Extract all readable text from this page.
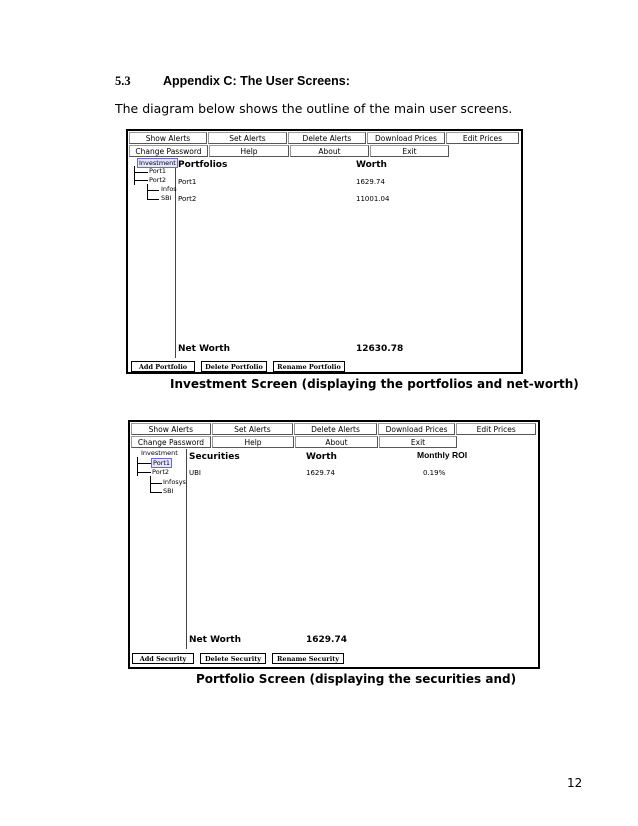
5.3	Appendix C: The User Screens:
The diagram below shows the outline of the main user screens.
Show Alerts	Set Alerts	Delete Alerts	Download Prices	Edit Prices
Change Password	Help	About	Exit
Investment
Port1
Port2
Infos
SBI
Portfolios	Worth
Port1	1629.74
Port2	11001.04
Net Worth	12630.78
Add Portfolio	Delete Portfolio	Rename Portfolio
Investment Screen (displaying the portfolios and net-worth)
Show Alerts	Set Alerts	Delete Alerts	Download Prices	Edit Prices
Change Password	Help	About	Exit
Investment
Port1
Port2
Infosys
SBI
Securities	Worth	Monthly ROI
UBI	1629.74	0.19%
Net Worth	1629.74
Add Security	Delete Security	Rename Security
Portfolio Screen (displaying the securities and)
12
